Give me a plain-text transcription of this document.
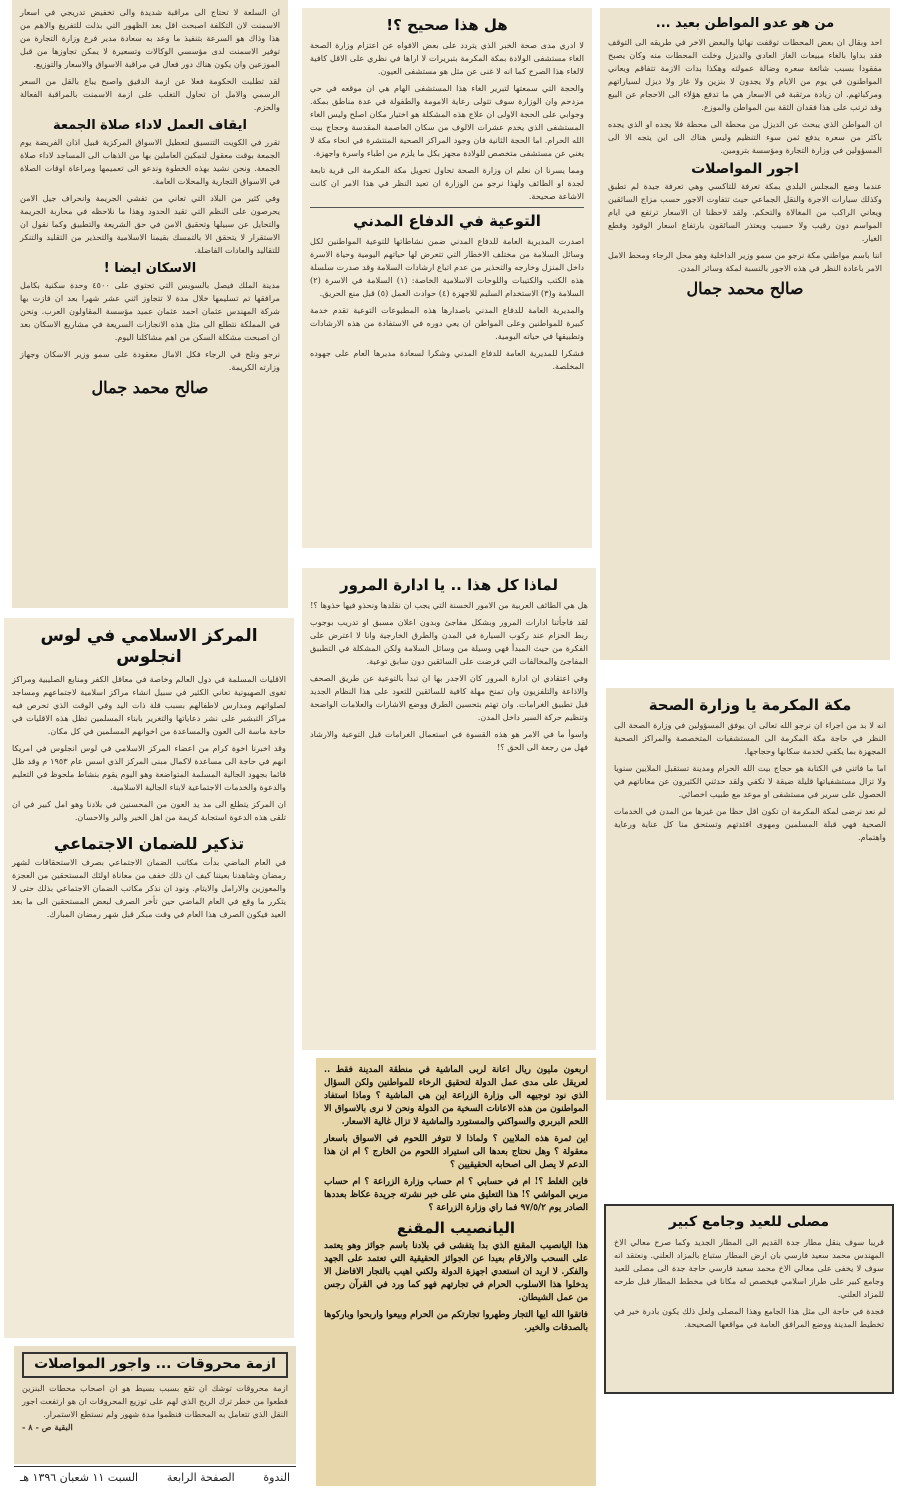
ان السلعة لا تحتاج الى مراقبة شديدة والى تخفيض تدريجي في اسعار الاسمنت لان التكلفة اصبحت اقل بعد الظهور التي بذلت للتفريغ والاهم من هذا وذاك هو السرعة بتنفيذ ما وعد به سعادة مدير فرع وزارة التجارة من توفير الاسمنت لدى مؤسسي الوكالات وتسعيرة لا يمكن تجاوزها من قبل الموزعين وان يكون هناك دور فعال في مراقبة الاسواق والاسعار والتوزيع.

لقد تطلبت الحكومة فعلا عن ازمة الدقيق واصبح يباع بالقل من السعر الرسمي والامل ان تحاول التغلب على ازمة الاسمنت بالمراقبة الفعالة والحزم.

ايقاف العمل لاداء صلاة الجمعة

تقرر في الكويت التنسيق لتعطيل الاسواق المركزية قبيل اذان الفريضة يوم الجمعة بوقت معقول لتمكين العاملين بها من الذهاب الى المساجد لاداء صلاة الجمعة. ونحن نشيد بهذه الخطوة وندعو الى تعميمها ومراعاة اوقات الصلاة في الاسواق التجارية والمحلات العامة.

وفي كثير من البلاد التي تعاني من تفشي الجريمة وانحراف جيل الامن يحرصون على النظم التي تقيد الحدود وهذا ما نلاحظه في محاربة الجريمة والتحايل عن سبيلها وتحقيق الامن في حق الشريعة والتطبيق وكما نقول ان الاستقرار لا يتحقق الا بالتمسك بقيمنا الاسلامية والتحذير من التقليد والتنكر للتقاليد والعادات الفاضلة.

الاسكان ايضا !

مدينة الملك فيصل بالسويس التي تحتوي على ٤٥٠٠ وحدة سكنية بكامل مرافقها تم تسليمها خلال مدة لا تتجاوز اثني عشر شهرا بعد ان فازت بها شركة المهندس عثمان احمد عثمان عميد مؤسسة المقاولون العرب. ونحن في المملكة نتطلع الى مثل هذه الانجازات السريعة في مشاريع الاسكان بعد ان اصبحت مشكلة السكن من اهم مشاكلنا اليوم.

نرجو ونلح في الرجاء فكل الامال معقودة على سمو وزير الاسكان وجهاز وزارته الكريمة.

صالح محمد جمال
هل هذا صحيح ؟!

لا ادري مدى صحة الخبر الذي يتردد على بعض الافواه عن اعتزام وزارة الصحة الغاء مستشفى الولادة بمكة المكرمة بتبريرات لا اراها في نظري على الاقل كافية لالغاء هذا الصرح كما انه لا غنى عن مثل هو مستشفى العيون.

والحجة التي سمعتها لتبرير الغاء هذا المستشفى الهام هي ان موقعه في حي مزدحم وان الوزارة سوف تتولى رعاية الامومة والطفولة في عدة مناطق بمكة. وجوابي على الحجة الاولى ان علاج هذه المشكلة هو اختيار مكان اصلح وليس الغاء المستشفى الذي يخدم عشرات الالوف من سكان العاصمة المقدسة وحجاج بيت الله الحرام. اما الحجة الثانية فان وجود المراكز الصحية المنتشرة في انحاء مكة لا يغني عن مستشفى متخصص للولادة مجهز بكل ما يلزم من اطباء واسرة واجهزة.

ومما يسرنا ان نعلم ان وزارة الصحة تحاول تحويل مكة المكرمة الى قرية تابعة لجدة او الطائف ولهذا نرجو من الوزارة ان تعيد النظر في هذا الامر ان كانت الاشاعة صحيحة.

التوعية في الدفاع المدني

اصدرت المديرية العامة للدفاع المدني ضمن نشاطاتها للتوعية المواطنين لكل وسائل السلامة من مختلف الاخطار التي تتعرض لها حياتهم اليومية وحياة الاسرة داخل المنزل وخارجه والتحذير من عدم اتباع ارشادات السلامة وقد صدرت سلسلة هذه الكتب والكتيبات واللوحات الاسلامية الخاصة: (١) السلامة في الاسرة (٢) السلامة و(٣) الاستخدام السليم للاجهزة (٤) حوادث العمل (٥) قبل منع الحريق.

والمديرية العامة للدفاع المدني باصدارها هذه المطبوعات التوعية تقدم خدمة كبيرة للمواطنين وعلى المواطن ان يعي دوره في الاستفادة من هذه الارشادات وتطبيقها في حياته اليومية.

فشكرا للمديرية العامة للدفاع المدني وشكرا لسعادة مديرها العام على جهوده المخلصة.

من هو عدو المواطن بعيد ...

احد وبقال ان بعض المحطات توقفت نهائيا والبعض الاخر في طريقه الى التوقف فقد بداوا بالغاء مبيعات الغاز العادي والديزل وخلت المحطات منه وكان يصبح مفقودا بسبب شائعة سعره وضالة عمولته وهكذا بدات الازمة تتفاقم ويعاني المواطنون في يوم من الايام ولا يجدون لا بنزين ولا غاز ولا ديزل لسياراتهم ومركباتهم. ان زيادة مرتقبة في الاسعار هي ما تدفع هؤلاء الى الاحجام عن البيع وقد ترتب على هذا فقدان الثقة بين المواطن والموزع.

ان المواطن الذي يبحث عن الديزل من محطة الى محطة فلا يجده او الذي يجده باكثر من سعره يدفع ثمن سوء التنظيم وليس هناك الى اين يتجه الا الى المسؤولين في وزارة التجارة ومؤسسة بترومين.

اجور المواصلات

عندما وضع المجلس البلدي بمكة تعرفة للتاكسي وهي تعرفة جيدة لم تطبق وكذلك سيارات الاجرة والنقل الجماعي حيث تتفاوت الاجور حسب مزاج السائقين ويعاني الراكب من المغالاة والتحكم. ولقد لاحظنا ان الاسعار ترتفع في ايام المواسم دون رقيب ولا حسيب ويعتذر السائقون بارتفاع اسعار الوقود وقطع الغيار.

اننا باسم مواطني مكة نرجو من سمو وزير الداخلية وهو محل الرجاء ومحط الامل الامر باعادة النظر في هذه الاجور بالنسبة لمكة وسائر المدن.

صالح محمد جمال
المركز الاسلامي في لوس انجلوس

الاقليات المسلمة في دول العالم وخاصة في معاقل الكفر ومنابع الصليبية ومراكز تغوى الصهيونية تعاني الكثير في سبيل انشاء مراكز اسلامية لاجتماعهم ومساجد لصلواتهم ومدارس لاطفالهم بسبب قلة ذات اليد وفي الوقت الذي تحرص فيه مراكز التبشير على نشر دعاياتها والتغرير بابناء المسلمين تظل هذه الاقليات في حاجة ماسة الى العون والمساعدة من اخوانهم المسلمين في كل مكان.

وقد اخبرنا اخوة كرام من اعضاء المركز الاسلامي في لوس انجلوس في امريكا انهم في حاجة الى مساعدة لاكمال مبنى المركز الذي اسس عام ١٩٥٣ م وقد ظل قائما بجهود الجالية المسلمة المتواضعة وهو اليوم يقوم بنشاط ملحوظ في التعليم والدعوة والخدمات الاجتماعية لابناء الجالية الاسلامية.

ان المركز يتطلع الى مد يد العون من المحسنين في بلادنا وهو امل كبير في ان تلقى هذه الدعوة استجابة كريمة من اهل الخير والبر والاحسان.

تذكير للضمان الاجتماعي

في العام الماضي بدأت مكاتب الضمان الاجتماعي بصرف الاستحقاقات لشهر رمضان وشاهدنا بعيننا كيف ان ذلك خفف من معاناة اولئك المستحقين من العجزة والمعوزين والارامل والايتام. ونود ان نذكر مكاتب الضمان الاجتماعي بذلك حتى لا يتكرر ما وقع في العام الماضي حين تأخر الصرف لبعض المستحقين الى ما بعد العيد فيكون الصرف هذا العام في وقت مبكر قبل شهر رمضان المبارك.

لماذا كل هذا .. يا ادارة المرور

هل هي الطائف العربية من الامور الحسنة التي يجب ان نقلدها ونحذو فيها حذوها ؟!

لقد فاجأتنا ادارات المرور وبشكل مفاجئ وبدون اعلان مسبق او تدريب بوجوب ربط الحزام عند ركوب السيارة في المدن والطرق الخارجية وانا لا اعترض على الفكرة من حيث المبدأ فهي وسيلة من وسائل السلامة ولكن المشكلة في التطبيق المفاجئ والمخالفات التي فرضت على السائقين دون سابق توعية.

وفي اعتقادي ان ادارة المرور كان الاجدر بها ان تبدأ بالتوعية عن طريق الصحف والاذاعة والتلفزيون وان تمنح مهلة كافية للسائقين للتعود على هذا النظام الجديد قبل تطبيق الغرامات. وان تهتم بتحسين الطرق ووضع الاشارات والعلامات الواضحة وتنظيم حركة السير داخل المدن.

واسوأ ما في الامر هو هذه القسوة في استعمال الغرامات قبل التوعية والارشاد فهل من رجعة الى الحق ؟!

مكة المكرمة يا وزارة الصحة

انه لا بد من اجراء ان نرجو الله تعالى ان يوفق المسؤولين في وزارة الصحة الى النظر في حاجة مكة المكرمة الى المستشفيات المتخصصة والمراكز الصحية المجهزة بما يكفي لخدمة سكانها وحجاجها.

اما ما فاتني في الكتابة هو حجاج بيت الله الحرام ومدينة تستقبل الملايين سنويا ولا تزال مستشفياتها قليلة ضيقة لا تكفي ولقد حدثني الكثيرون عن معاناتهم في الحصول على سرير في مستشفى او موعد مع طبيب اخصائي.

لم نعد نرضى لمكة المكرمة ان تكون اقل حظا من غيرها من المدن في الخدمات الصحية فهي قبلة المسلمين ومهوى افئدتهم وتستحق منا كل عناية ورعاية واهتمام.

اربعون مليون ريال اعانة لربى الماشية في منطقة المدينة فقط .. لعريقل على مدى عمل الدولة لتحقيق الرخاء للمواطنين ولكن السؤال الذي نود توجيهه الى وزارة الزراعة اين هي الماشية ؟ وماذا استفاد المواطنون من هذه الاعانات السخية من الدولة ونحن لا نرى بالاسواق الا اللحم البربري والسواكني والمستورد والماشية لا تزال غالية الاسعار.

اين ثمرة هذه الملايين ؟ ولماذا لا تتوفر اللحوم في الاسواق باسعار معقولة ؟ وهل نحتاج بعدها الى استيراد اللحوم من الخارج ؟ ام ان هذا الدعم لا يصل الى اصحابه الحقيقيين ؟

فاين الغلط ؟! ام في حسابي ؟ ام حساب وزارة الزراعة ؟ ام حساب مربي المواشي ؟! هذا التعليق مني على خبر نشرته جريدة عكاظ بعددها الصادر يوم ٩٧/٥/٢ فما راي وزارة الزراعة ؟

اليانصيب المقنع

هذا اليانصيب المقنع الذي بدا يتفشى في بلادنا باسم جوائز وهو يعتمد على السحب والارقام بعيدا عن الجوائز الحقيقية التي تعتمد على الجهد والفكر. لا اريد ان استعدي اجهزة الدولة ولكني اهيب بالتجار الافاضل الا يدخلوا هذا الاسلوب الحرام في تجارتهم فهو كما ورد في القرآن رجس من عمل الشيطان.

فاتقوا الله ايها التجار وطهروا تجارتكم من الحرام وبيعوا واربحوا وباركوها بالصدقات والخير.

مصلى للعيد وجامع كبير

قريبا سوف ينقل مطار جدة القديم الى المطار الجديد وكما صرح معالي الاخ المهندس محمد سعيد فارسي بان ارض المطار ستباع بالمزاد العلني. ونعتقد انه سوف لا يخفى على معالي الاخ محمد سعيد فارسي حاجة جدة الى مصلى للعيد وجامع كبير على طراز اسلامي فيخصص له مكانا في مخطط المطار قبل طرحه للمزاد العلني.

فجدة في حاجة الى مثل هذا الجامع وهذا المصلى ولعل ذلك يكون بادرة خير في تخطيط المدينة ووضع المرافق العامة في مواقعها الصحيحة.

ازمة محروقات ... واجور المواصلات

ازمة محروقات توشك ان تقع بسبب بسيط هو ان اصحاب محطات البنزين قطعوا من خطر ترك الربح الذي لهم على توزيع المحروقات ان هو ارتفعت اجور النقل الذي تتعامل به المحطات فنظموا مدة شهور ولم نستطع الاستمرار.

البقية ص - ٨ -
الندوة
الصفحة الرابعة
السبت ١١ شعبان ١٣٩٦ هـ
